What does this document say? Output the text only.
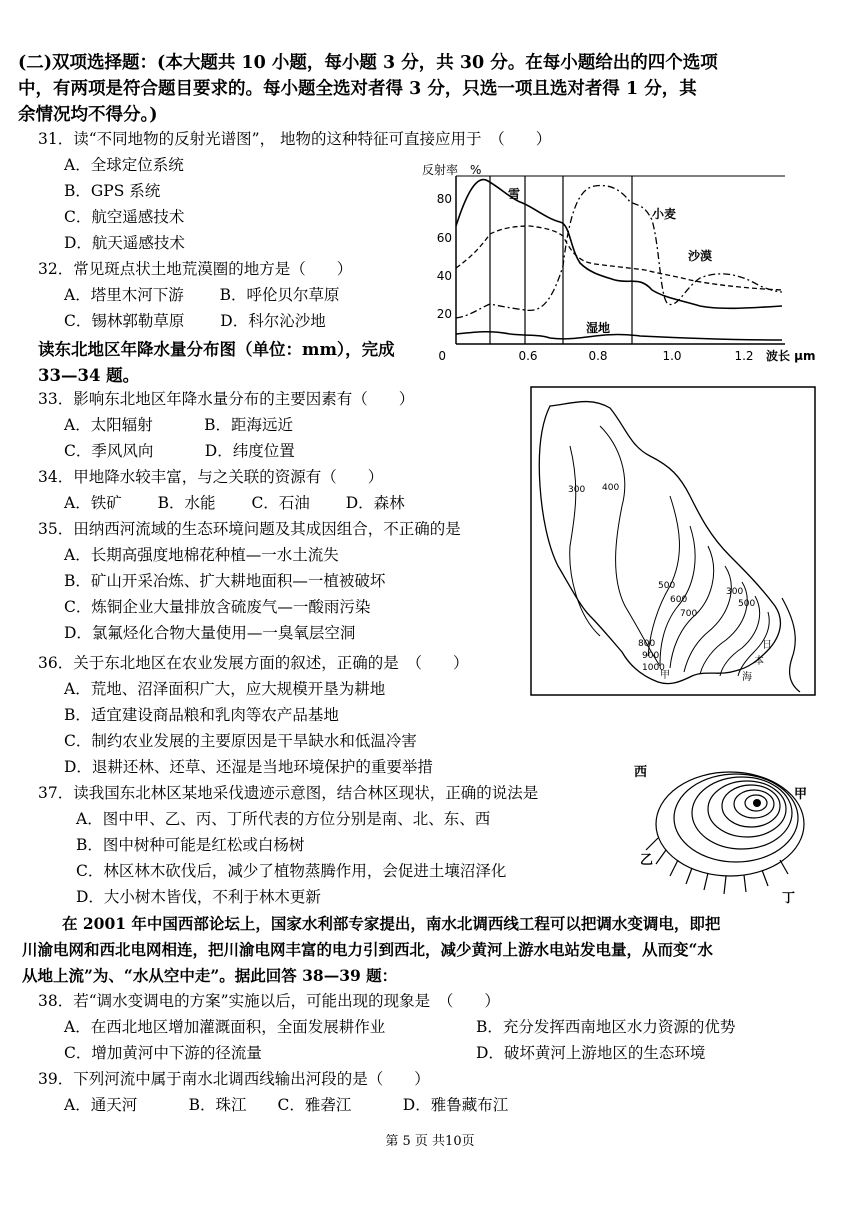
(二)双项选择题：(本大题共 10 小题，每小题 3 分，共 30 分。在每小题给出的四个选项
中，有两项是符合题目要求的。每小题全选对者得 3 分，只选一项且选对者得 1 分，其
余情况均不得分。)
31．读“不同地物的反射光谱图”， 地物的这种特征可直接应用于　（　　）
A．全球定位系统
B．GPS 系统
C．航空遥感技术
D．航天遥感技术
反射率　%
80
60
40
20
0
雪
小麦
沙漠
湿地
0.6	0.8	1.0	1.2 波长 μm
32．常见斑点状土地荒漠圈的地方是（　　）
A．塔里木河下游　　 B．呼伦贝尔草原
C．锡林郭勒草原　　 D．科尔沁沙地
读东北地区年降水量分布图（单位：mm），完成
33—34 题。
33．影响东北地区年降水量分布的主要因素有（　　）
A．太阳辐射　　　 B．距海远近
C．季风风向　　　 D．纬度位置
300 400
500
600
700
300
500
800
900
1000
甲
日
本
海
34．甲地降水较丰富，与之关联的资源有（　　）
A．铁矿　　 B．水能　　 C．石油　　 D．森林
35．田纳西河流域的生态环境问题及其成因组合，不正确的是
A．长期高强度地棉花种植—一水土流失
B．矿山开采冶炼、扩大耕地面积—一植被破坏
C．炼铜企业大量排放含硫废气—一酸雨污染
D．氯氟烃化合物大量使用—一臭氧层空洞
36．关于东北地区在农业发展方面的叙述，正确的是　（　　）
A．荒地、沼泽面积广大，应大规模开垦为耕地
B．适宜建设商品粮和乳肉等农产品基地
C．制约农业发展的主要原因是干旱缺水和低温冷害
D．退耕还林、还草、还湿是当地环境保护的重要举措	西
甲
乙
丁
37．读我国东北林区某地采伐遗迹示意图，结合林区现状，正确的说法是
A．图中甲、乙、丙、丁所代表的方位分别是南、北、东、西
B．图中树种可能是红松或白杨树
C．林区林木砍伐后，减少了植物蒸腾作用，会促进土壤沼泽化
D．大小树木皆伐，不利于林木更新
在 2001 年中国西部论坛上，国家水利部专家提出，南水北调西线工程可以把调水变调电，即把
川渝电网和西北电网相连，把川渝电网丰富的电力引到西北，减少黄河上游水电站发电量，从而变“水
从地上流”为、“水从空中走”。据此回答 38—39 题：
38．若“调水变调电的方案”实施以后，可能出现的现象是　（　　）
A．在西北地区增加灌溉面积，全面发展耕作业	B．充分发挥西南地区水力资源的优势
C．增加黄河中下游的径流量	D．破坏黄河上游地区的生态环境
39．下列河流中属于南水北调西线输出河段的是（　　）
A．通天河　　　 B．珠江　　C．雅砻江　　　 D．雅鲁藏布江
第 5 页 共10页
